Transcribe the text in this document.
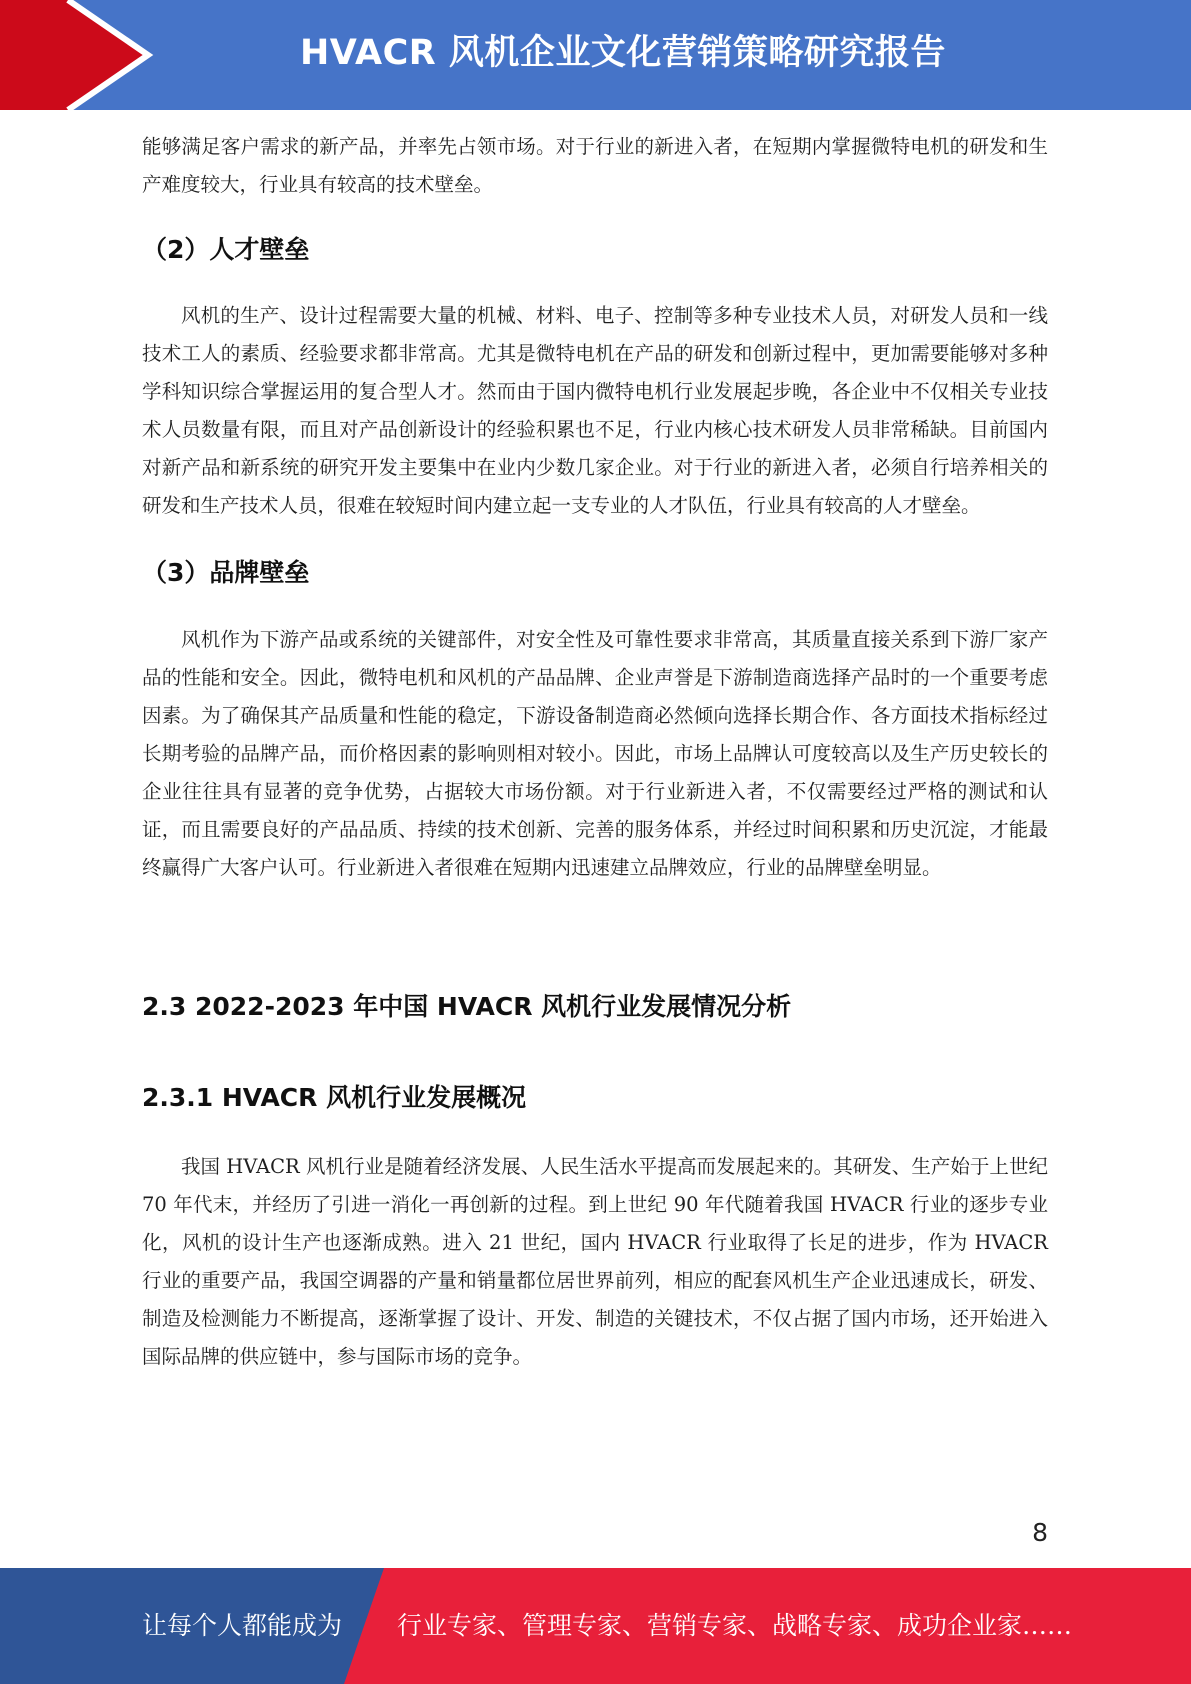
HVACR 风机企业文化营销策略研究报告

能够满足客户需求的新产品，并率先占领市场。对于行业的新进入者，在短期内掌握微特电机的研发和生产难度较大，行业具有较高的技术壁垒。

（2）人才壁垒

风机的生产、设计过程需要大量的机械、材料、电子、控制等多种专业技术人员，对研发人员和一线技术工人的素质、经验要求都非常高。尤其是微特电机在产品的研发和创新过程中，更加需要能够对多种学科知识综合掌握运用的复合型人才。然而由于国内微特电机行业发展起步晚，各企业中不仅相关专业技术人员数量有限，而且对产品创新设计的经验积累也不足，行业内核心技术研发人员非常稀缺。目前国内对新产品和新系统的研究开发主要集中在业内少数几家企业。对于行业的新进入者，必须自行培养相关的研发和生产技术人员，很难在较短时间内建立起一支专业的人才队伍，行业具有较高的人才壁垒。

（3）品牌壁垒

风机作为下游产品或系统的关键部件，对安全性及可靠性要求非常高，其质量直接关系到下游厂家产品的性能和安全。因此，微特电机和风机的产品品牌、企业声誉是下游制造商选择产品时的一个重要考虑因素。为了确保其产品质量和性能的稳定，下游设备制造商必然倾向选择长期合作、各方面技术指标经过长期考验的品牌产品，而价格因素的影响则相对较小。因此，市场上品牌认可度较高以及生产历史较长的企业往往具有显著的竞争优势，占据较大市场份额。对于行业新进入者，不仅需要经过严格的测试和认证，而且需要良好的产品品质、持续的技术创新、完善的服务体系，并经过时间积累和历史沉淀，才能最终赢得广大客户认可。行业新进入者很难在短期内迅速建立品牌效应，行业的品牌壁垒明显。

2.3 2022-2023 年中国 HVACR 风机行业发展情况分析
2.3.1 HVACR 风机行业发展概况

我国 HVACR 风机行业是随着经济发展、人民生活水平提高而发展起来的。其研发、生产始于上世纪 70 年代末，并经历了引进一消化一再创新的过程。到上世纪 90 年代随着我国 HVACR 行业的逐步专业化，风机的设计生产也逐渐成熟。进入 21 世纪，国内 HVACR 行业取得了长足的进步，作为 HVACR 行业的重要产品，我国空调器的产量和销量都位居世界前列，相应的配套风机生产企业迅速成长，研发、制造及检测能力不断提高，逐渐掌握了设计、开发、制造的关键技术，不仅占据了国内市场，还开始进入国际品牌的供应链中，参与国际市场的竞争。

8
让每个人都能成为 行业专家、管理专家、营销专家、战略专家、成功企业家……
